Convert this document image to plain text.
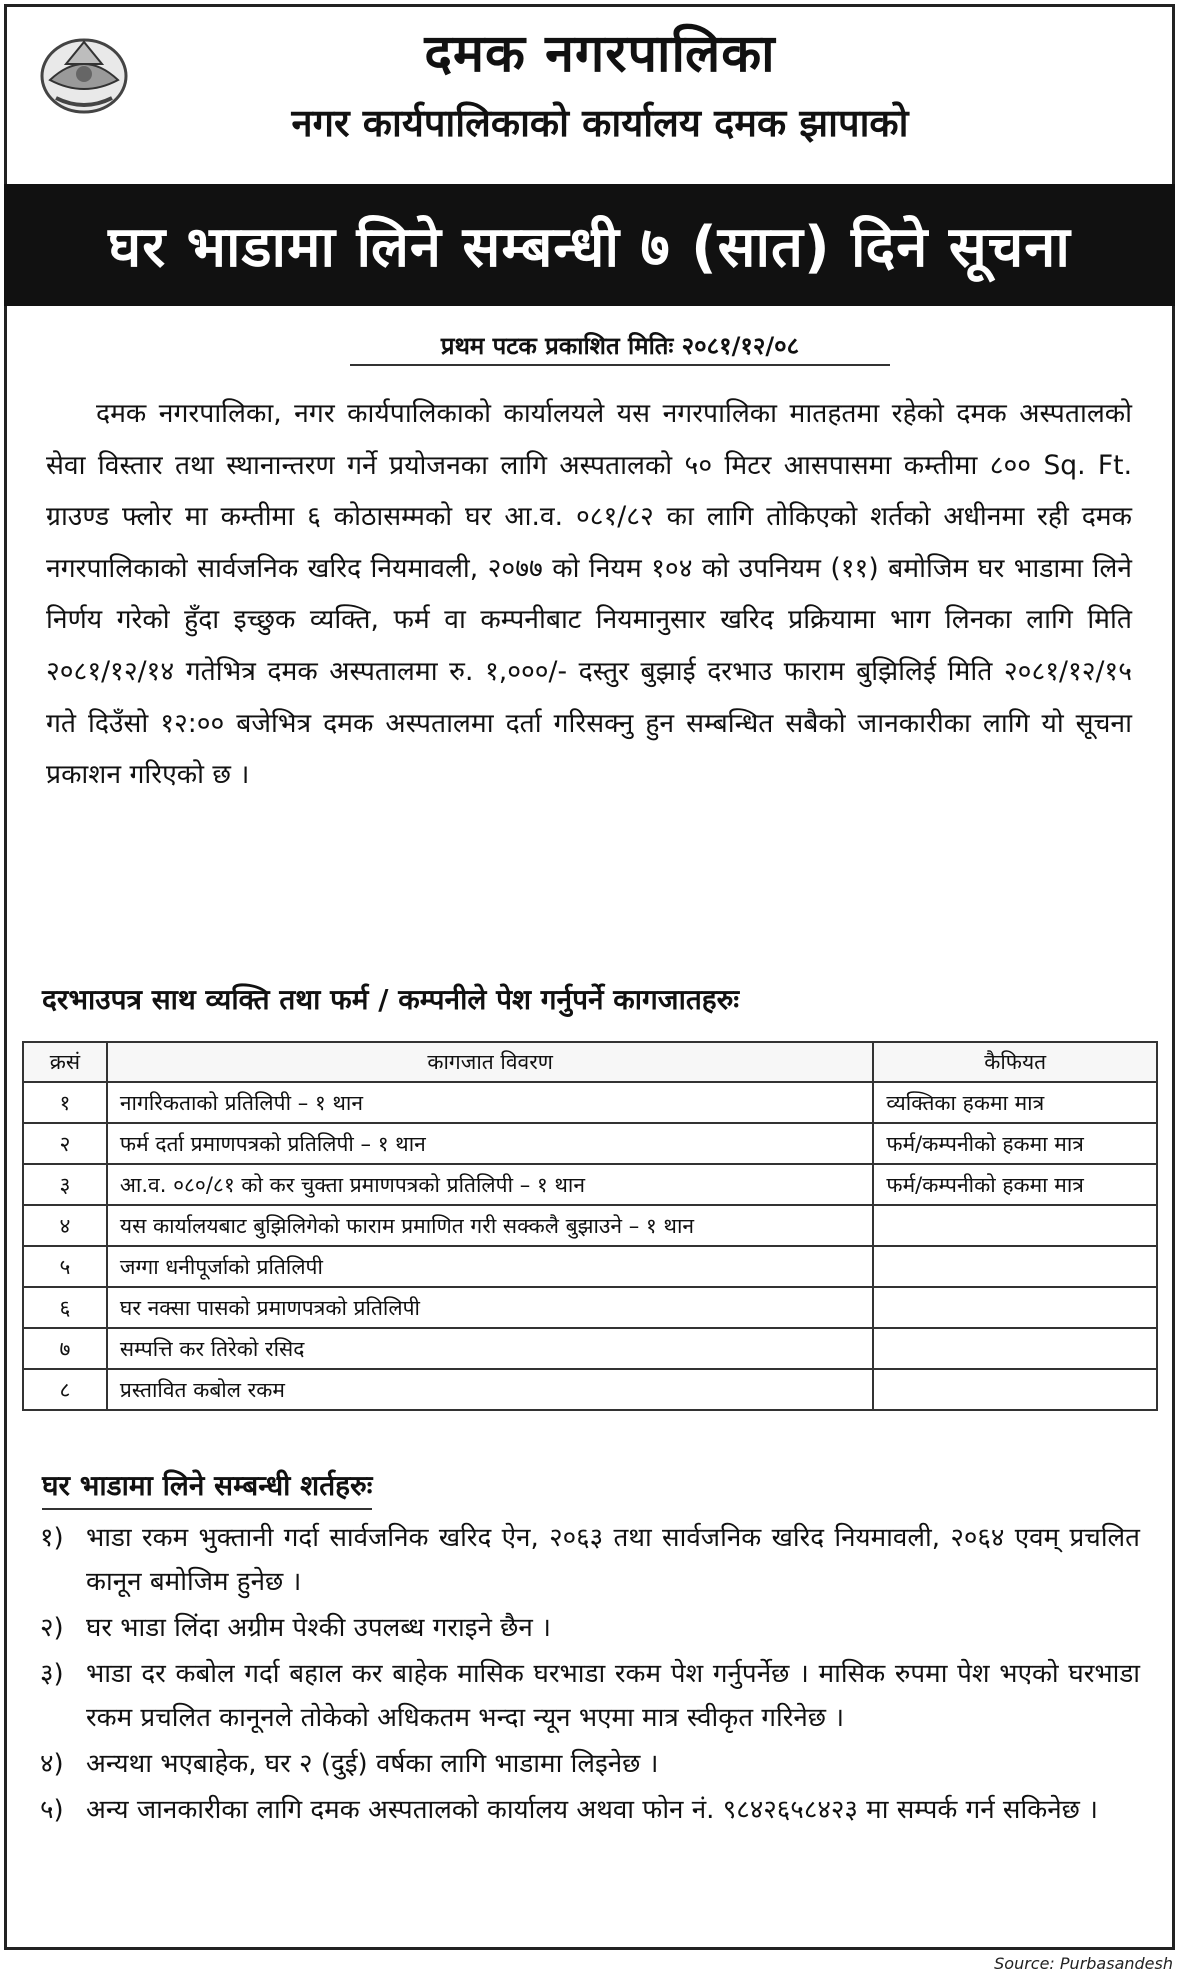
दमक नगरपालिका
नगर कार्यपालिकाको कार्यालय दमक झापाको
घर भाडामा लिने सम्बन्धी ७ (सात) दिने सूचना
प्रथम पटक प्रकाशित मितिः २०८१/१२/०८
दमक नगरपालिका, नगर कार्यपालिकाको कार्यालयले यस नगरपालिका मातहतमा रहेको दमक अस्पतालको सेवा विस्तार तथा स्थानान्तरण गर्ने प्रयोजनका लागि अस्पतालको ५० मिटर आसपासमा कम्तीमा ८०० Sq. Ft. ग्राउण्ड फ्लोर मा कम्तीमा ६ कोठासम्मको घर आ.व. ०८१/८२ का लागि तोकिएको शर्तको अधीनमा रही दमक नगरपालिकाको सार्वजनिक खरिद नियमावली, २०७७ को नियम १०४ को उपनियम (११) बमोजिम घर भाडामा लिने निर्णय गरेको हुँदा इच्छुक व्यक्ति, फर्म वा कम्पनीबाट नियमानुसार खरिद प्रक्रियामा भाग लिनका लागि मिति २०८१/१२/१४ गतेभित्र दमक अस्पतालमा रु. १,०००/- दस्तुर बुझाई दरभाउ फाराम बुझिलिई मिति २०८१/१२/१५ गते दिउँसो १२:०० बजेभित्र दमक अस्पतालमा दर्ता गरिसक्नु हुन सम्बन्धित सबैको जानकारीका लागि यो सूचना प्रकाशन गरिएको छ ।
दरभाउपत्र साथ व्यक्ति तथा फर्म / कम्पनीले पेश गर्नुपर्ने कागजातहरुः
क्रसं	कागजात विवरण	कैफियत
१	नागरिकताको प्रतिलिपी – १ थान	व्यक्तिका हकमा मात्र
२	फर्म दर्ता प्रमाणपत्रको प्रतिलिपी – १ थान	फर्म/कम्पनीको हकमा मात्र
३	आ.व. ०८०/८१ को कर चुक्ता प्रमाणपत्रको प्रतिलिपी – १ थान	फर्म/कम्पनीको हकमा मात्र
४	यस कार्यालयबाट बुझिलिगेको फाराम प्रमाणित गरी सक्कलै बुझाउने – १ थान	
५	जग्गा धनीपूर्जाको प्रतिलिपी	
६	घर नक्सा पासको प्रमाणपत्रको प्रतिलिपी	
७	सम्पत्ति कर तिरेको रसिद	
८	प्रस्तावित कबोल रकम	
घर भाडामा लिने सम्बन्धी शर्तहरुः
१) भाडा रकम भुक्तानी गर्दा सार्वजनिक खरिद ऐन, २०६३ तथा सार्वजनिक खरिद नियमावली, २०६४ एवम् प्रचलित कानून बमोजिम हुनेछ ।
२) घर भाडा लिंदा अग्रीम पेश्की उपलब्ध गराइने छैन ।
३) भाडा दर कबोल गर्दा बहाल कर बाहेक मासिक घरभाडा रकम पेश गर्नुपर्नेछ । मासिक रुपमा पेश भएको घरभाडा रकम प्रचलित कानूनले तोकेको अधिकतम भन्दा न्यून भएमा मात्र स्वीकृत गरिनेछ ।
४) अन्यथा भएबाहेक, घर २ (दुई) वर्षका लागि भाडामा लिइनेछ ।
५) अन्य जानकारीका लागि दमक अस्पतालको कार्यालय अथवा फोन नं. ९८४२६५८४२३ मा सम्पर्क गर्न सकिनेछ ।
Source: Purbasandesh
